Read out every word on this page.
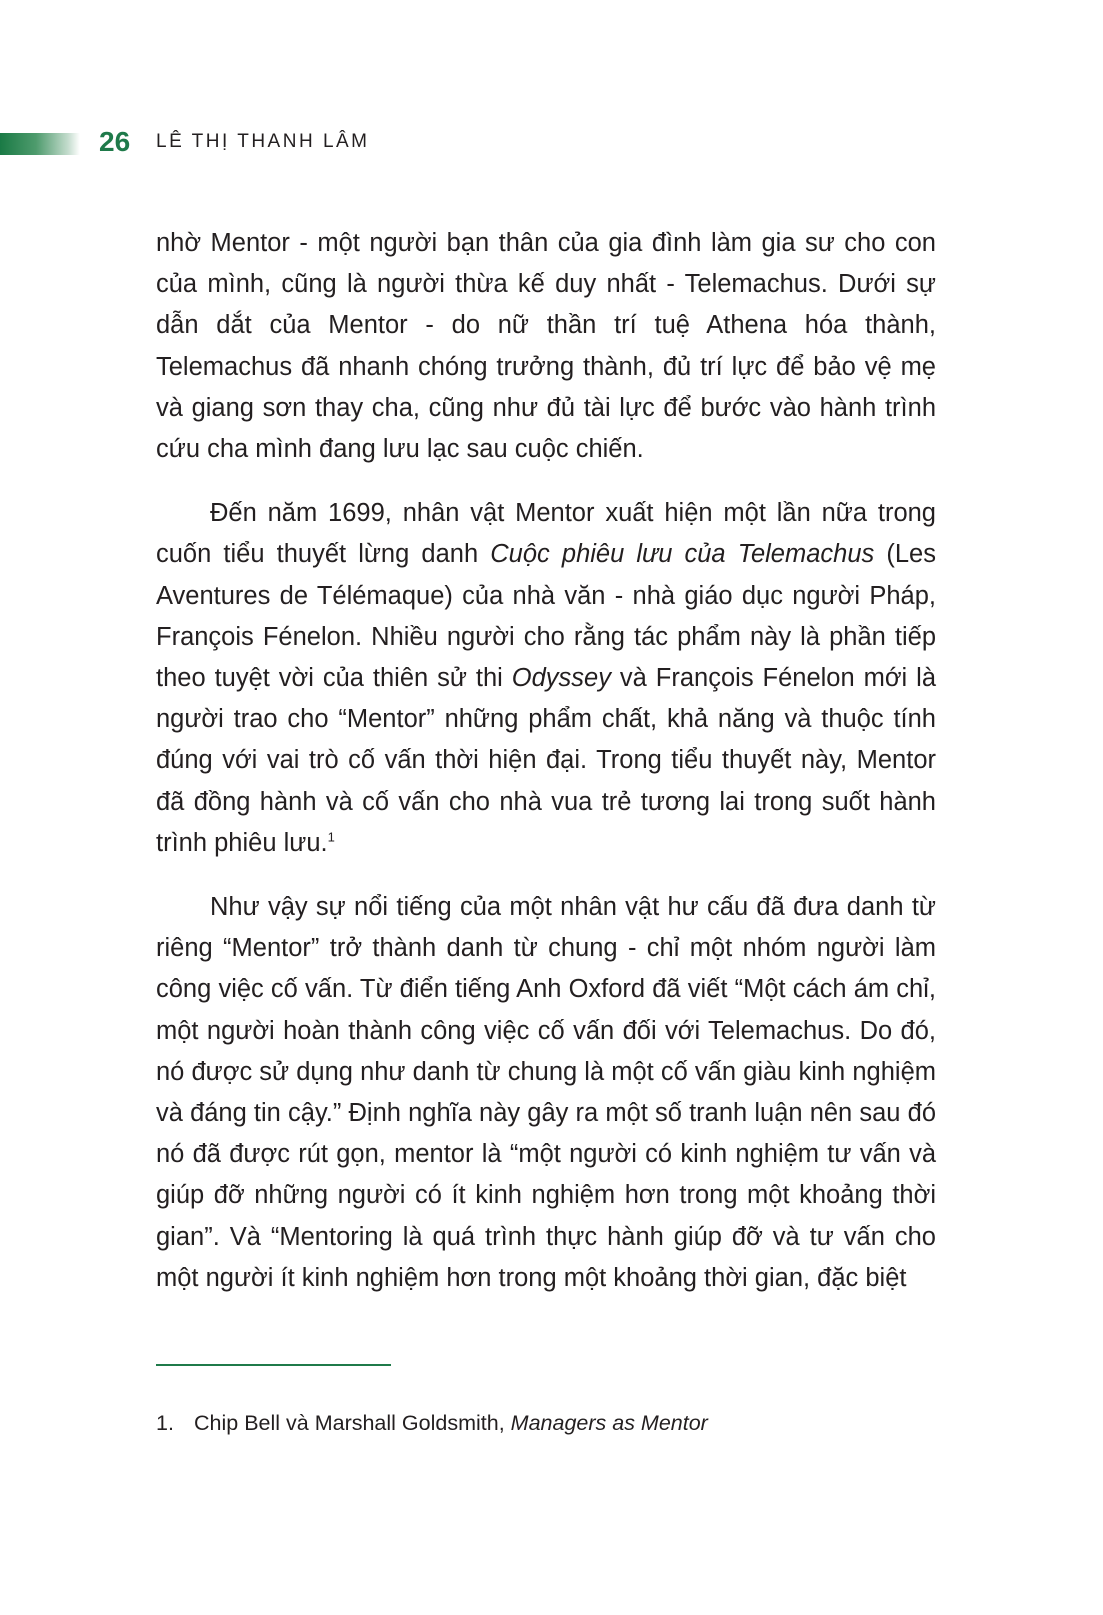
26 LÊ THỊ THANH LÂM

nhờ Mentor - một người bạn thân của gia đình làm gia sư cho con của mình, cũng là người thừa kế duy nhất - Telemachus. Dưới sự dẫn dắt của Mentor - do nữ thần trí tuệ Athena hóa thành, Telemachus đã nhanh chóng trưởng thành, đủ trí lực để bảo vệ mẹ và giang sơn thay cha, cũng như đủ tài lực để bước vào hành trình cứu cha mình đang lưu lạc sau cuộc chiến.

Đến năm 1699, nhân vật Mentor xuất hiện một lần nữa trong cuốn tiểu thuyết lừng danh Cuộc phiêu lưu của Telemachus (Les Aventures de Télémaque) của nhà văn - nhà giáo dục người Pháp, François Fénelon. Nhiều người cho rằng tác phẩm này là phần tiếp theo tuyệt vời của thiên sử thi Odyssey và François Fénelon mới là người trao cho “Mentor” những phẩm chất, khả năng và thuộc tính đúng với vai trò cố vấn thời hiện đại. Trong tiểu thuyết này, Mentor đã đồng hành và cố vấn cho nhà vua trẻ tương lai trong suốt hành trình phiêu lưu.$^1$

Như vậy sự nổi tiếng của một nhân vật hư cấu đã đưa danh từ riêng “Mentor” trở thành danh từ chung - chỉ một nhóm người làm công việc cố vấn. Từ điển tiếng Anh Oxford đã viết “Một cách ám chỉ, một người hoàn thành công việc cố vấn đối với Telemachus. Do đó, nó được sử dụng như danh từ chung là một cố vấn giàu kinh nghiệm và đáng tin cậy.” Định nghĩa này gây ra một số tranh luận nên sau đó nó đã được rút gọn, mentor là “một người có kinh nghiệm tư vấn và giúp đỡ những người có ít kinh nghiệm hơn trong một khoảng thời gian”. Và “Mentoring là quá trình thực hành giúp đỡ và tư vấn cho một người ít kinh nghiệm hơn trong một khoảng thời gian, đặc biệt

1. Chip Bell và Marshall Goldsmith, Managers as Mentor
